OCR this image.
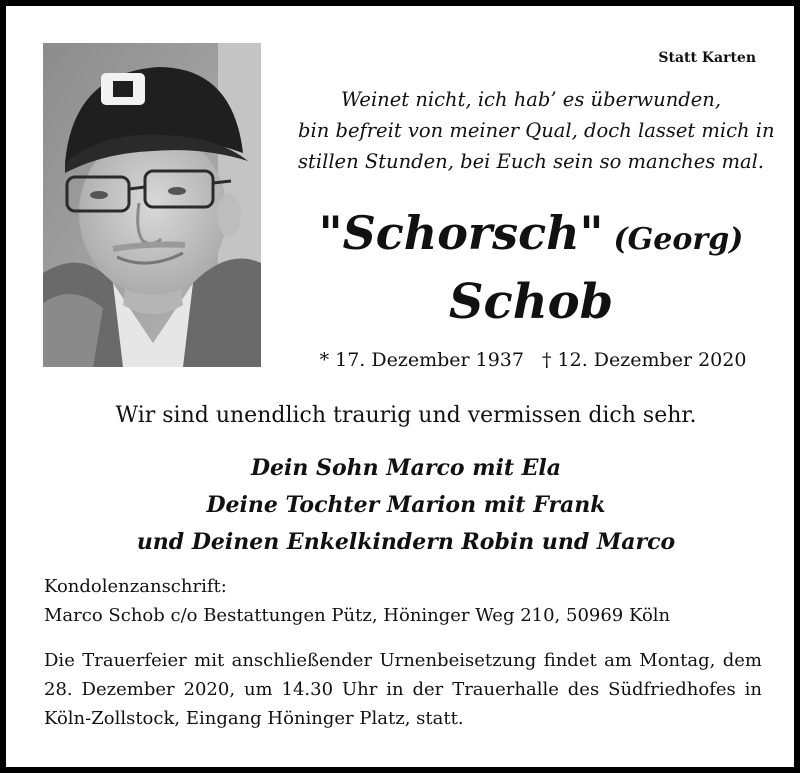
Statt Karten

Weinet nicht, ich hab’ es überwunden,
bin befreit von meiner Qual, doch lasset mich in
stillen Stunden, bei Euch sein so manches mal.

"Schorsch" (Georg)

Schob

* 17. Dezember 1937 † 12. Dezember 2020

Wir sind unendlich traurig und vermissen dich sehr.

Dein Sohn Marco mit Ela
Deine Tochter Marion mit Frank
und Deinen Enkelkindern Robin und Marco
Kondolenzanschrift:
Marco Schob c/o Bestattungen Pütz, Höninger Weg 210, 50969 Köln

Die Trauerfeier mit anschließender Urnenbeisetzung findet am Montag, dem 28. Dezember 2020, um 14.30 Uhr in der Trauerhalle des Südfriedhofes in Köln-Zollstock, Eingang Höninger Platz, statt.
